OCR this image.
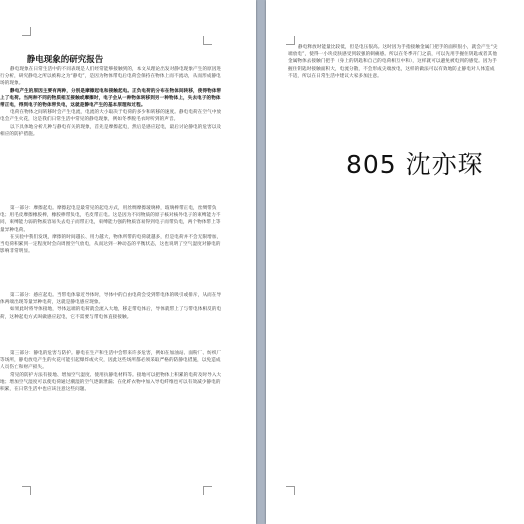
静电现象的研究报告

静电现象在日常生活中的不同表现是人们经常能够接触到的，本文从理论出发对静电现象产生的原因进行分析，研究静电之所以被称之为“静电”，是因为物体带电后电荷会保持在物体上而不流动，从而形成静电场的现象。

静电产生的原因主要有两种，分别是摩擦起电和接触起电。正负电荷的分布在物体间转移，使得物体带上了电荷。当两种不同的物质相互接触或摩擦时，电子会从一种物体转移到另一种物体上，失去电子的物体带正电，得到电子的物体带负电，这就是静电产生的基本原理和过程。

电荷在物体之间转移时会产生电流，电流的大小取决于电荷的多少和转移的速度。静电电荷在空气中放电会产生火花，这是我们日常生活中常见的静电现象，例如冬季脱毛衣时听到的声音。

以下具体地分析几种与静电有关的现象，首先是摩擦起电，然后是感应起电，最后讨论静电的危害以及相应的防护措施。

第一部分：摩擦起电。摩擦起电是最常见的起电方式，用丝绸摩擦玻璃棒，玻璃棒带正电，丝绸带负电；用毛皮摩擦橡胶棒，橡胶棒带负电，毛皮带正电。这是因为不同物质的原子核对核外电子的束缚能力不同，束缚能力弱的物质容易失去电子而带正电，束缚能力强的物质容易得到电子而带负电，两个物体带上等量异种电荷。

在实验中我们发现，摩擦的时间越长、用力越大，物体所带的电荷就越多，但是电荷并不会无限增加，当电荷积累到一定程度时会向周围空气放电，从而达到一种动态的平衡状态，这也说明了空气湿度对静电的影响非常明显。

第二部分：感应起电。当带电体靠近导体时，导体中的自由电荷会受到带电体的吸引或排斥，从而在导体两端出现等量异种电荷，这就是静电感应现象。

如果此时将导体接地，导体远端的电荷就会流入大地，移走带电体后，导体就带上了与带电体相反的电荷，这种起电方式叫做感应起电，它不需要与带电体直接接触。

第三部分：静电的危害与防护。静电在生产和生活中会带来许多危害，例如在加油站、面粉厂、纺织厂等场所，静电放电产生的火花可能引起爆炸或火灾，因此这些场所都必须采取严格的防静电措施，以免造成人员伤亡和财产损失。

常见的防护方法有接地、增加空气湿度、使用抗静电材料等。接地可以把物体上积累的电荷及时导入大地；增加空气湿度可以使电荷通过潮湿的空气逐渐泄漏；在化纤衣物中加入导电纤维也可以有效减少静电的积累，在日常生活中也应该注意这些问题。

静电释放时能量比较低，但是电压很高。这时因为手指接触金属门把手的面积很小，就会产生“尖端放电”，使得一小块皮肤感受到较强的刺痛感。所以在冬季开门之前，可以先用手握住钥匙或者其他金属物体去接触门把手（身上的钥匙和自己的电荷相互中和），这样就可以避免被电到的感觉。因为手握住钥匙时接触面积大，电流分散，不会形成尖端放电，这样的做法可以有效地防止静电对人体造成不适，所以在日常生活中建议大家多加注意。

805 沈亦琛
